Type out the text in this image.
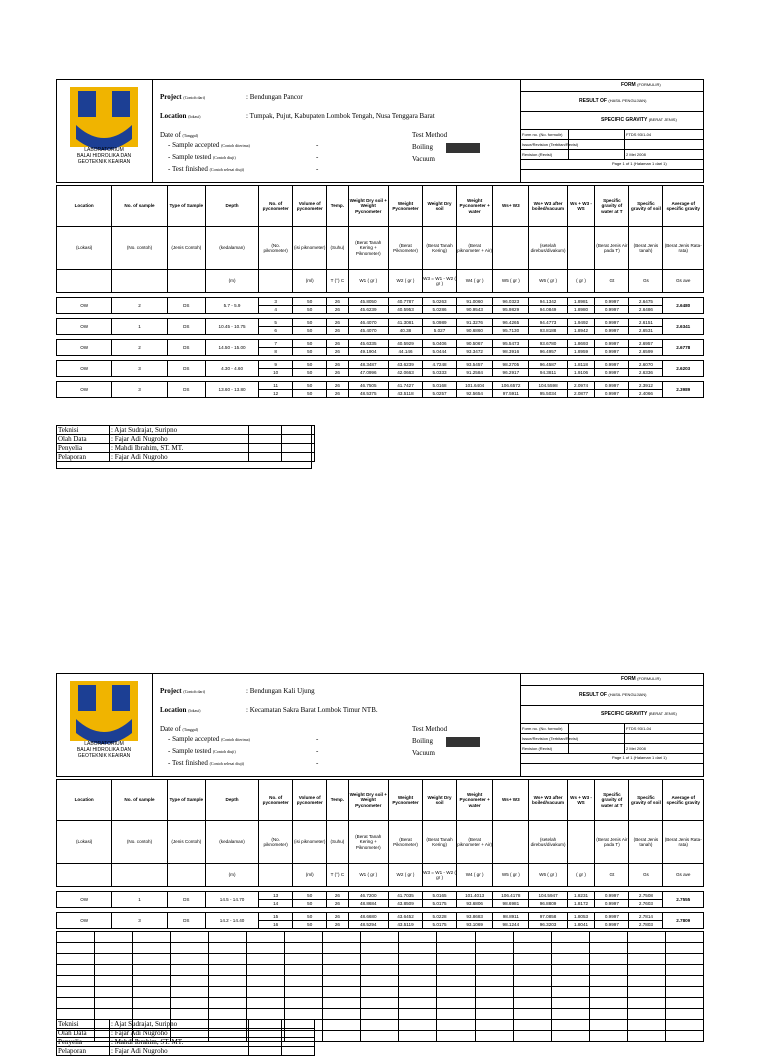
LABORATORIUM
BALAI HIDROLIKA DAN
GEOTEKNIK KEAIRAN
Project (Contoh dari)	: Bendungan Pancor
Location (lokasi)	: Tumpak, Pujut, Kabupaten Lombok Tengah, Nusa Tenggara Barat
Date of (Tanggal)
- Sample accepted (Contoh diterima)
- Sample tested (Contoh diuji)
- Test finished (Contoh selesai diuji)
-
-
-
Test Method
Boiling
Vacuum
FORM (FORMULIR)
RESULT OF (HASIL PENGUJIAN)
SPECIFIC GRAVITY (BERAT JENIS)
Form no. (No. formulir)	FTDS 93/1-04
Issue/Revision (Terbitan/Revisi)
Revision (Revisi)	2 Mei 2008
Page 1 of 1 (Halaman 1 dari 1)
Location	No. of sample	Type of Sample	Depth	No. of pycnometer	Volume of pycnometer	Temp.	Weight Dry soil + Weight Pycnometer	Weight Pycnometer	Weight Dry soil	Weight Pycnometer + water	Ws+ W3	Ws+ W3 after boiled/vacuum	Ws + W3 - WS	Specific gravity of water at T	Specific gravity of soil	Average of specific gravity
(Lokasi)	(No. contoh)	(Jenis Contoh)	(kedalaman)	(No. piknometer)	(isi piknometer)	(Suhu)	(Berat Tanah Kering + Piknometer)	(Berat Piknometer)	(Berat Tanah Kering)	(Berat piknometer + Air)		(setelah direbus/divakum)		(Berat Jenis Air pada T)	(Berat Jenis tanah)	(Berat Jenis Rata- rata)
			(m)		(ml)	T (°) C	W1 ( gr )	W2 ( gr )	W3 = W1 - W2 ( gr )	W4 ( gr )	W5 ( gr )	W6 ( gr )	( gr )	Gt	Gs	Gs ave

OW	2	DS	5.7 - 5.9	3	50	26	45.8050	40.7787	5.0263	91.0060	96.0323	94.1342	1.8981	0.9997	2.6475	2.6480
				4	50	26	45.6239	40.5953	5.0286	90.9543	95.9829	94.0849	1.8980	0.9997	2.6486	

OW	1	DS	10.45 - 10.75	5	50	26	46.4070	41.3081	5.0989	91.3276	96.4265	94.4773	1.9492	0.9997	2.6151	2.6341
				6	50	26	45.4070	40.38	5.027	90.6860	95.7130	93.8188	1.8942	0.9997	2.6531	

OW	2	DS	14.50 - 15.00	7	50	26	45.6335	40.5929	5.0406	90.5067	95.5473	93.6780	1.8693	0.9997	2.6957	2.6778
				8	50	26	49.1904	44.146	5.0444	93.3472	98.3916	96.4957	1.8959	0.9997	2.6599	

OW	3	DS	4.30 - 4.60	9	50	26	48.3487	43.6239	4.7248	93.5457	98.2705	96.4587	1.8118	0.9997	2.6070	2.6203
				10	50	26	47.0996	42.0663	5.0333	91.2584	96.2917	94.3811	1.9106	0.9997	2.6336	

OW	3	DS	13.60 - 13.80	11	50	26	46.7505	41.7427	5.0168	101.6404	106.6572	104.5598	2.0974	0.9997	2.3912	2.3989
				12	50	26	48.5375	43.5118	5.0257	92.5654	97.5911	95.5034	2.0877	0.9997	2.4066	
Teknisi	: Ajat Sudrajat, Suripno		
Olah Data	: Fajar Adi Nugroho		
Penyelia	: Mahdi Ibrahim, ST. MT.		
Pelaporan	: Fajar Adi Nugroho		
LABORATORIUM
BALAI HIDROLIKA DAN
GEOTEKNIK KEAIRAN
Project (Contoh dari)	: Bendungan Kali Ujung
Location (lokasi)	: Kecamatan Sakra Barat Lombok Timur NTB.
Date of (Tanggal)
- Sample accepted (Contoh diterima)
- Sample tested (Contoh diuji)
- Test finished (Contoh selesai diuji)
-
-
-
Test Method
Boiling
Vacuum
FORM (FORMULIR)
RESULT OF (HASIL PENGUJIAN)
SPECIFIC GRAVITY (BERAT JENIS)
Form no. (No. formulir)	FTDS 93/1-04
Issue/Revision (Terbitan/Revisi)
Revision (Revisi)	2 Mei 2008
Page 1 of 1 (Halaman 1 dari 1)
Location	No. of sample	Type of Sample	Depth	No. of pycnometer	Volume of pycnometer	Temp.	Weight Dry soil + Weight Pycnometer	Weight Pycnometer	Weight Dry soil	Weight Pycnometer + water	Ws+ W3	Ws+ W3 after boiled/vacuum	Ws + W3 - WS	Specific gravity of water at T	Specific gravity of soil	Average of specific gravity
(Lokasi)	(No. contoh)	(Jenis Contoh)	(kedalaman)	(No. piknometer)	(isi piknometer)	(Suhu)	(Berat Tanah Kering + Piknometer)	(Berat Piknometer)	(Berat Tanah Kering)	(Berat piknometer + Air)		(setelah direbus/divakum)		(Berat Jenis Air pada T)	(Berat Jenis tanah)	(Berat Jenis Rata- rata)
			(m)		(ml)	T (°) C	W1 ( gr )	W2 ( gr )	W3 = W1 - W2 ( gr )	W4 ( gr )	W5 ( gr )	W6 ( gr )	( gr )	Gt	Gs	Gs ave

OW	1	DS	14.5 - 14.70	13	50	26	46.7200	41.7035	5.0165	101.4013	106.4178	104.5947	1.8231	0.9997	2.7508	2.7555
				14	50	26	48.8684	43.8509	5.0175	93.6806	98.6981	96.8809	1.8172	0.9997	2.7603	

OW	3	DS	14.2 - 14.40	15	50	26	48.6680	43.6452	5.0228	93.8683	98.8911	97.0858	1.8053	0.9997	2.7814	2.7809
				16	50	26	48.5294	43.5119	5.0175	93.1069	98.1244	96.3203	1.8041	0.9997	2.7803	

Teknisi	: Ajat Sudrajat, Suripno		
Olah Data	: Fajar Adi Nugroho		
Penyelia	: Mahdi Ibrahim, ST. MT.		
Pelaporan	: Fajar Adi Nugroho		
